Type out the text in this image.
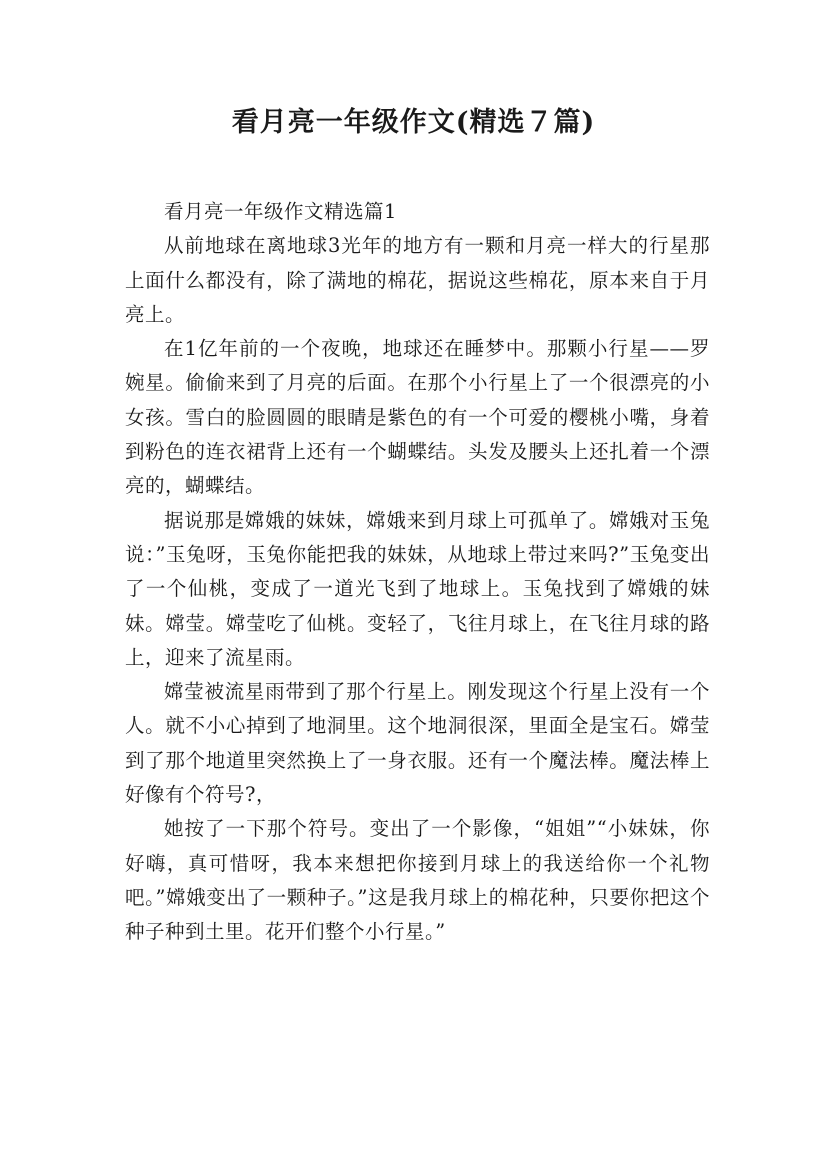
看月亮一年级作文(精选７篇)

看月亮一年级作文精选篇1

从前地球在离地球3光年的地方有一颗和月亮一样大的行星那上面什么都没有，除了满地的棉花，据说这些棉花，原本来自于月亮上。

在1亿年前的一个夜晚，地球还在睡梦中。那颗小行星——罗婉星。偷偷来到了月亮的后面。在那个小行星上了一个很漂亮的小女孩。雪白的脸圆圆的眼睛是紫色的有一个可爱的樱桃小嘴，身着到粉色的连衣裙背上还有一个蝴蝶结。头发及腰头上还扎着一个漂亮的，蝴蝶结。

据说那是嫦娥的妹妹，嫦娥来到月球上可孤单了。嫦娥对玉兔说：”玉兔呀，玉兔你能把我的妹妹，从地球上带过来吗?”玉兔变出了一个仙桃，变成了一道光飞到了地球上。玉兔找到了嫦娥的妹妹。嫦莹。嫦莹吃了仙桃。变轻了，飞往月球上，在飞往月球的路上，迎来了流星雨。

嫦莹被流星雨带到了那个行星上。刚发现这个行星上没有一个人。就不小心掉到了地洞里。这个地洞很深，里面全是宝石。嫦莹到了那个地道里突然换上了一身衣服。还有一个魔法棒。魔法棒上好像有个符号?，

她按了一下那个符号。变出了一个影像，“姐姐”“小妹妹，你好嗨，真可惜呀，我本来想把你接到月球上的我送给你一个礼物吧。”嫦娥变出了一颗种子。”这是我月球上的棉花种，只要你把这个种子种到土里。花开们整个小行星。”
